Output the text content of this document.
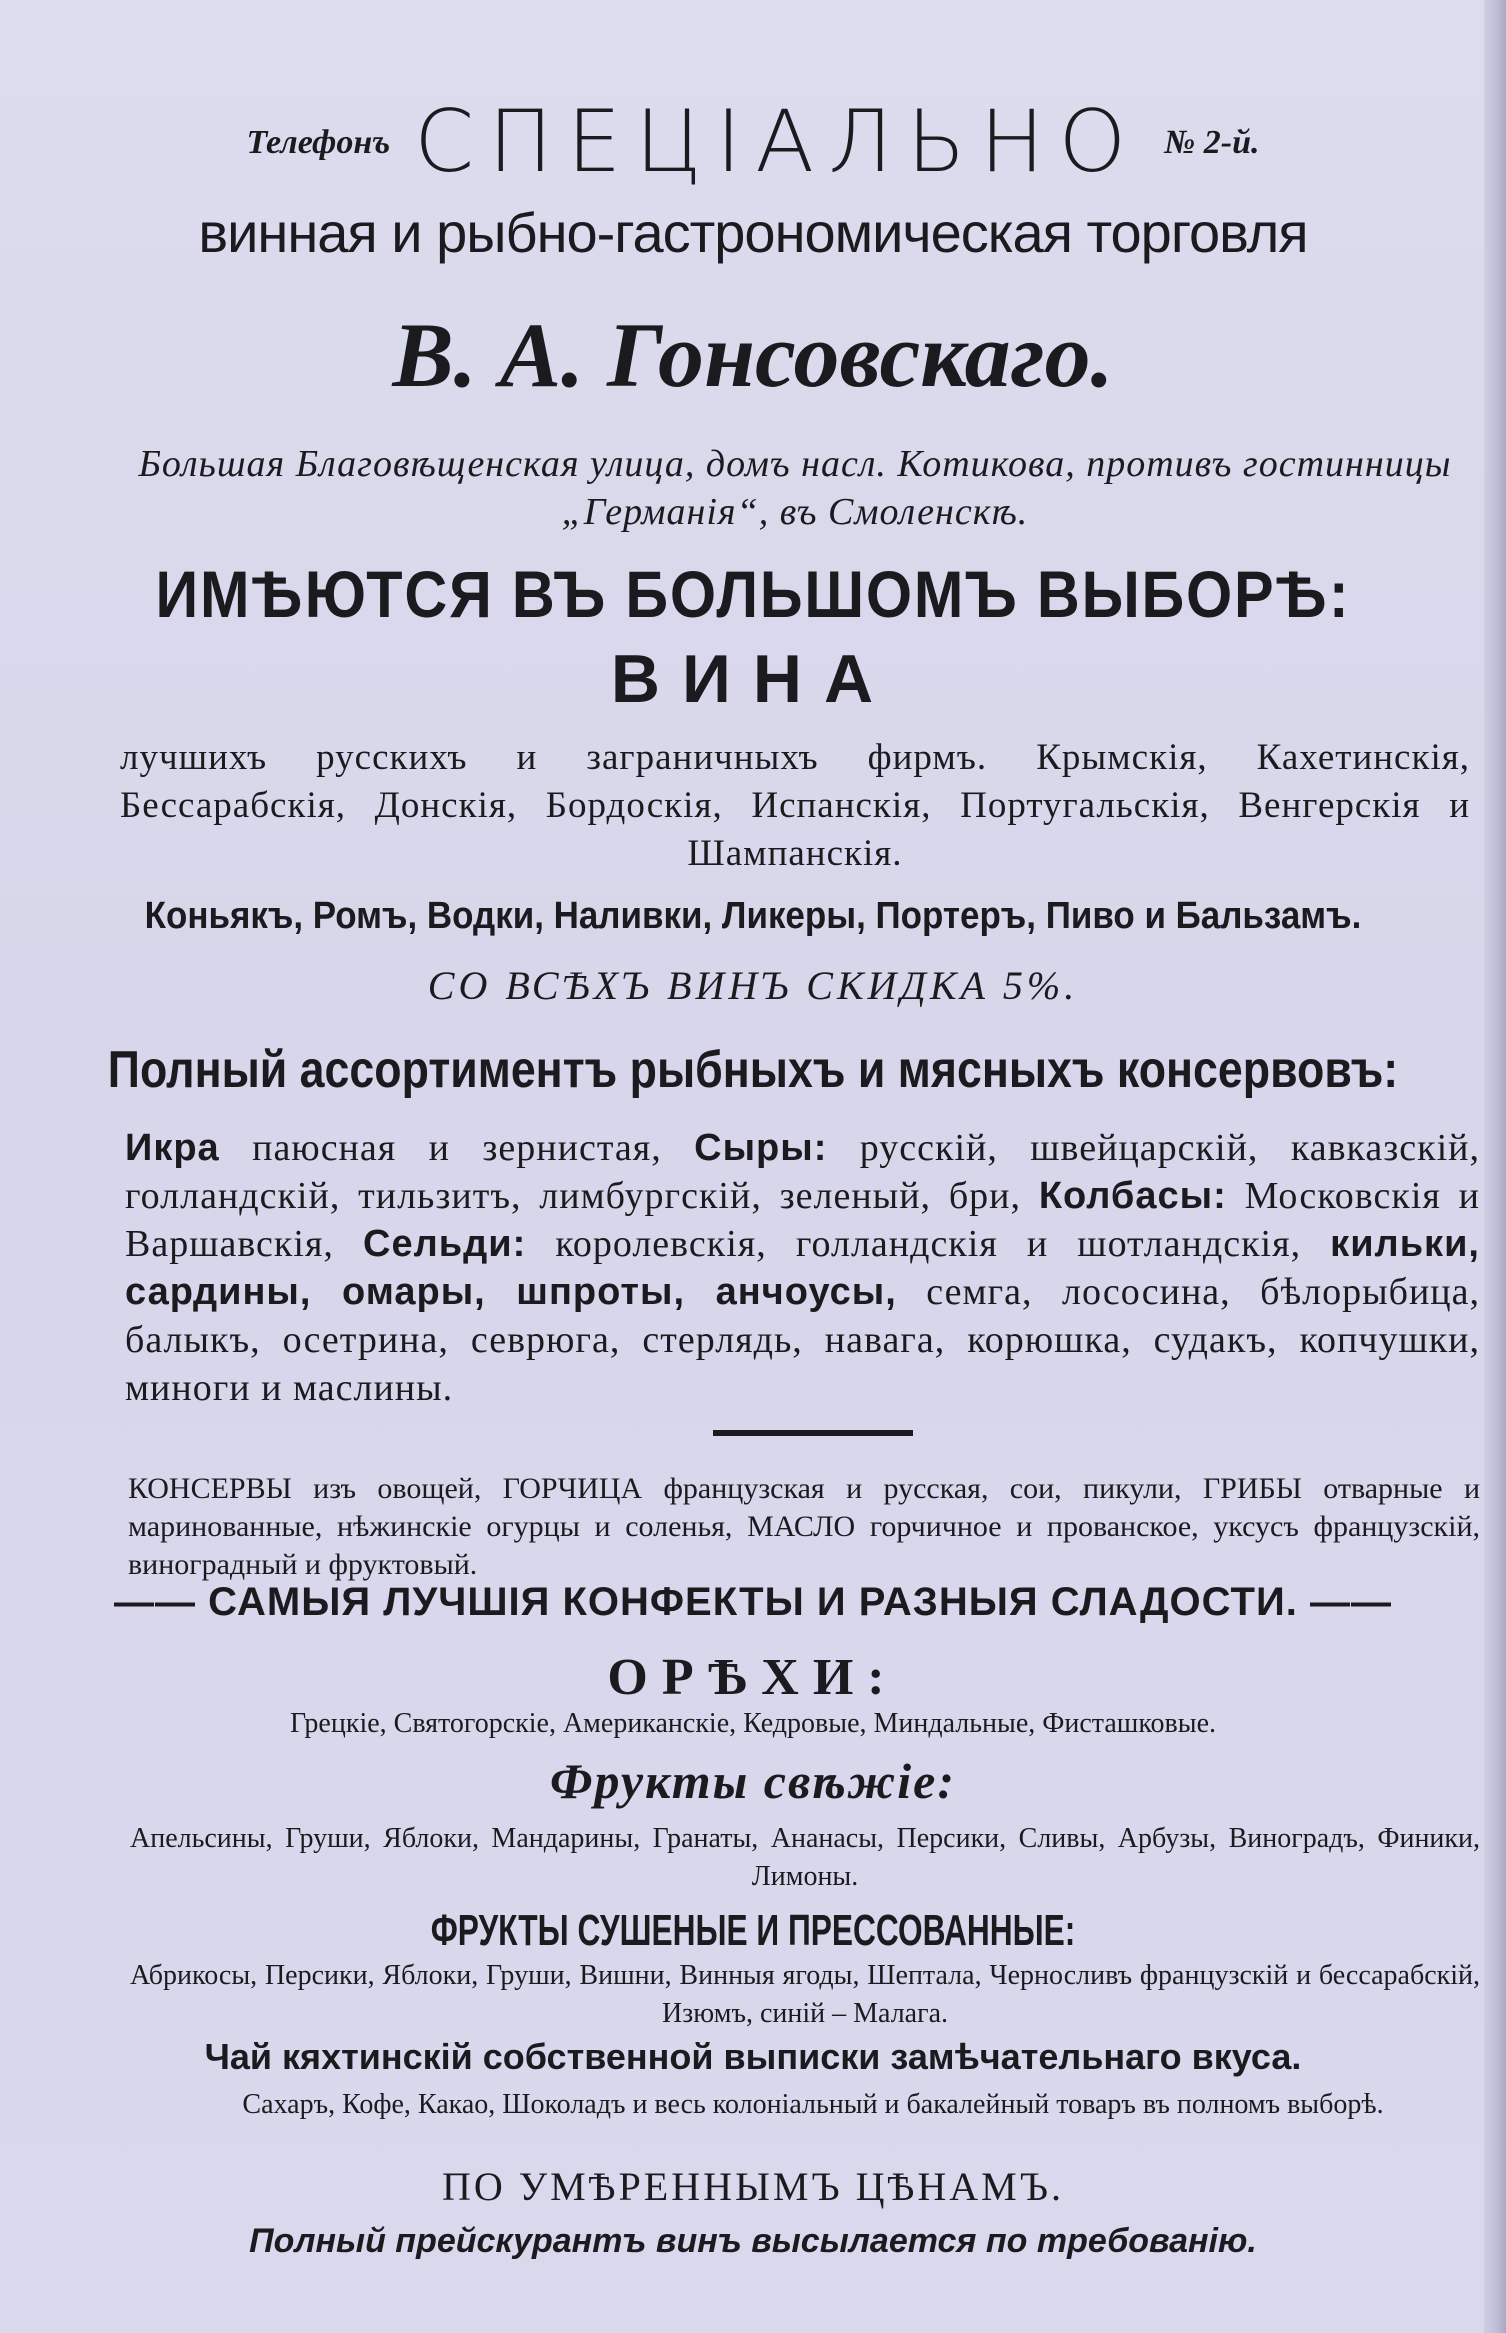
Телефонъ СПЕЦІАЛЬНО № 2-й.
винная и рыбно-гастрономическая торговля
В. А. Гонсовскаго.
Большая Благовѣщенская улица, домъ насл. Котикова, противъ гостинницы „Германія“, въ Смоленскѣ.
ИМѢЮТСЯ ВЪ БОЛЬШОМЪ ВЫБОРѢ:
ВИНА
лучшихъ русскихъ и заграничныхъ фирмъ. Крымскія, Кахетинскія, Бессарабскія, Донскія, Бордоскія, Испанскія, Португальскія, Венгерскія и Шампанскія.
Коньякъ, Ромъ, Водки, Наливки, Ликеры, Портеръ, Пиво и Бальзамъ.
СО ВСѢХЪ ВИНЪ СКИДКА 5%.
Полный ассортиментъ рыбныхъ и мясныхъ консервовъ:
Икра паюсная и зернистая, Сыры: русскій, швейцарскій, кавказскій, голландскій, тильзитъ, лимбургскій, зеленый, бри, Колбасы: Московскія и Варшавскія, Сельди: королевскія, голландскія и шотландскія, кильки, сардины, омары, шпроты, анчоусы, семга, лососина, бѣлорыбица, балыкъ, осетрина, севрюга, стерлядь, навага, корюшка, судакъ, копчушки, миноги и маслины.
КОНСЕРВЫ изъ овощей, ГОРЧИЦА французская и русская, сои, пикули, ГРИБЫ отварные и маринованные, нѣжинскіе огурцы и соленья, МАСЛО горчичное и прованское, уксусъ французскій, виноградный и фруктовый.
—— САМЫЯ ЛУЧШІЯ КОНФЕКТЫ И РАЗНЫЯ СЛАДОСТИ. ——
ОРѢХИ:
Грецкіе, Святогорскіе, Американскіе, Кедровые, Миндальные, Фисташковые.
Фрукты свѣжіе:
Апельсины, Груши, Яблоки, Мандарины, Гранаты, Ананасы, Персики, Сливы, Арбузы, Виноградъ, Финики, Лимоны.
ФРУКТЫ СУШЕНЫЕ И ПРЕССОВАННЫЕ:
Абрикосы, Персики, Яблоки, Груши, Вишни, Винныя ягоды, Шептала, Черносливъ французскій и бессарабскій, Изюмъ, синій – Малага.
Чай кяхтинскій собственной выписки замѣчательнаго вкуса.
Сахаръ, Кофе, Какао, Шоколадъ и весь колоніальный и бакалейный товаръ въ полномъ выборѣ.
ПО УМѢРЕННЫМЪ ЦѢНАМЪ.
Полный прейскурантъ винъ высылается по требованію.
